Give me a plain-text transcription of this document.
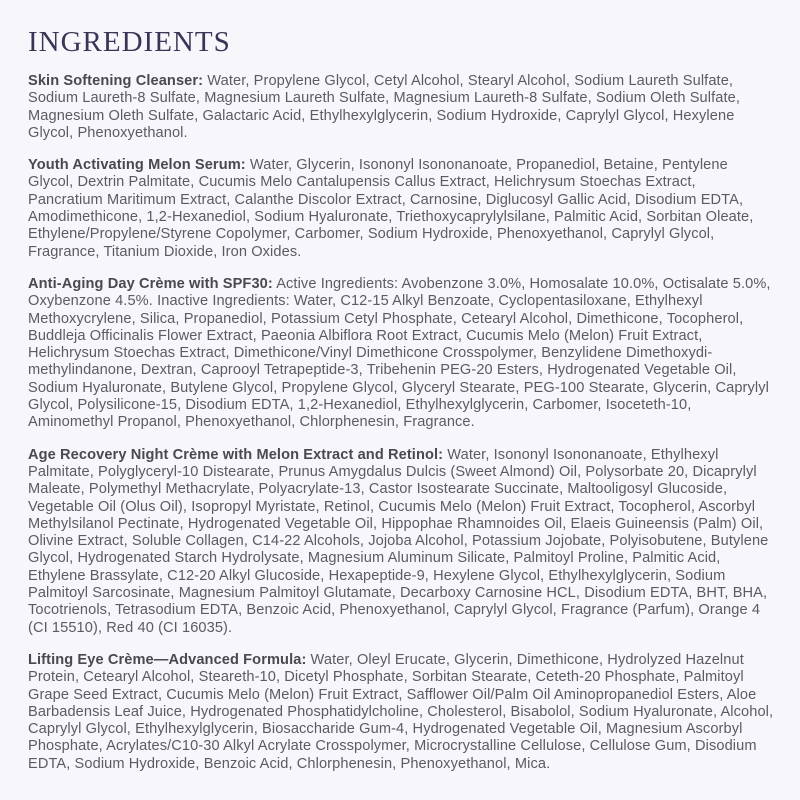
INGREDIENTS

Skin Softening Cleanser: Water, Propylene Glycol, Cetyl Alcohol, Stearyl Alcohol, Sodium Laureth Sulfate, Sodium Laureth-8 Sulfate, Magnesium Laureth Sulfate, Magnesium Laureth-8 Sulfate, Sodium Oleth Sulfate, Magnesium Oleth Sulfate, Galactaric Acid, Ethylhexylglycerin, Sodium Hydroxide, Caprylyl Glycol, Hexylene Glycol, Phenoxyethanol.

Youth Activating Melon Serum: Water, Glycerin, Isononyl Isononanoate, Propanediol, Betaine, Pentylene Glycol, Dextrin Palmitate, Cucumis Melo Cantalupensis Callus Extract, Helichrysum Stoechas Extract, Pancratium Maritimum Extract, Calanthe Discolor Extract, Carnosine, Diglucosyl Gallic Acid, Disodium EDTA, Amodimethicone, 1,2-Hexanediol, Sodium Hyaluronate, Triethoxycaprylylsilane, Palmitic Acid, Sorbitan Oleate, Ethylene/Propylene/Styrene Copolymer, Carbomer, Sodium Hydroxide, Phenoxyethanol, Caprylyl Glycol, Fragrance, Titanium Dioxide, Iron Oxides.

Anti-Aging Day Crème with SPF30: Active Ingredients: Avobenzone 3.0%, Homosalate 10.0%, Octisalate 5.0%, Oxybenzone 4.5%. Inactive Ingredients: Water, C12-15 Alkyl Benzoate, Cyclopentasiloxane, Ethylhexyl Methoxycrylene, Silica, Propanediol, Potassium Cetyl Phosphate, Cetearyl Alcohol, Dimethicone, Tocopherol, Buddleja Officinalis Flower Extract, Paeonia Albiflora Root Extract, Cucumis Melo (Melon) Fruit Extract, Helichrysum Stoechas Extract, Dimethicone/Vinyl Dimethicone Crosspolymer, Benzylidene Dimethoxydi-methylindanone, Dextran, Caprooyl Tetrapeptide-3, Tribehenin PEG-20 Esters, Hydrogenated Vegetable Oil, Sodium Hyaluronate, Butylene Glycol, Propylene Glycol, Glyceryl Stearate, PEG-100 Stearate, Glycerin, Caprylyl Glycol, Polysilicone-15, Disodium EDTA, 1,2-Hexanediol, Ethylhexylglycerin, Carbomer, Isoceteth-10, Aminomethyl Propanol, Phenoxyethanol, Chlorphenesin, Fragrance.

Age Recovery Night Crème with Melon Extract and Retinol: Water, Isononyl Isononanoate, Ethylhexyl Palmitate, Polyglyceryl-10 Distearate, Prunus Amygdalus Dulcis (Sweet Almond) Oil, Polysorbate 20, Dicaprylyl Maleate, Polymethyl Methacrylate, Polyacrylate-13, Castor Isostearate Succinate, Maltooligosyl Glucoside, Vegetable Oil (Olus Oil), Isopropyl Myristate, Retinol, Cucumis Melo (Melon) Fruit Extract, Tocopherol, Ascorbyl Methylsilanol Pectinate, Hydrogenated Vegetable Oil, Hippophae Rhamnoides Oil, Elaeis Guineensis (Palm) Oil, Olivine Extract, Soluble Collagen, C14-22 Alcohols, Jojoba Alcohol, Potassium Jojobate, Polyisobutene, Butylene Glycol, Hydrogenated Starch Hydrolysate, Magnesium Aluminum Silicate, Palmitoyl Proline, Palmitic Acid, Ethylene Brassylate, C12-20 Alkyl Glucoside, Hexapeptide-9, Hexylene Glycol, Ethylhexylglycerin, Sodium Palmitoyl Sarcosinate, Magnesium Palmitoyl Glutamate, Decarboxy Carnosine HCL, Disodium EDTA, BHT, BHA, Tocotrienols, Tetrasodium EDTA, Benzoic Acid, Phenoxyethanol, Caprylyl Glycol, Fragrance (Parfum), Orange 4 (CI 15510), Red 40 (CI 16035).

Lifting Eye Crème—Advanced Formula: Water, Oleyl Erucate, Glycerin, Dimethicone, Hydrolyzed Hazelnut Protein, Cetearyl Alcohol, Steareth-10, Dicetyl Phosphate, Sorbitan Stearate, Ceteth-20 Phosphate, Palmitoyl Grape Seed Extract, Cucumis Melo (Melon) Fruit Extract, Safflower Oil/Palm Oil Aminopropanediol Esters, Aloe Barbadensis Leaf Juice, Hydrogenated Phosphatidylcholine, Cholesterol, Bisabolol, Sodium Hyaluronate, Alcohol, Caprylyl Glycol, Ethylhexylglycerin, Biosaccharide Gum-4, Hydrogenated Vegetable Oil, Magnesium Ascorbyl Phosphate, Acrylates/C10-30 Alkyl Acrylate Crosspolymer, Microcrystalline Cellulose, Cellulose Gum, Disodium EDTA, Sodium Hydroxide, Benzoic Acid, Chlorphenesin, Phenoxyethanol, Mica.
